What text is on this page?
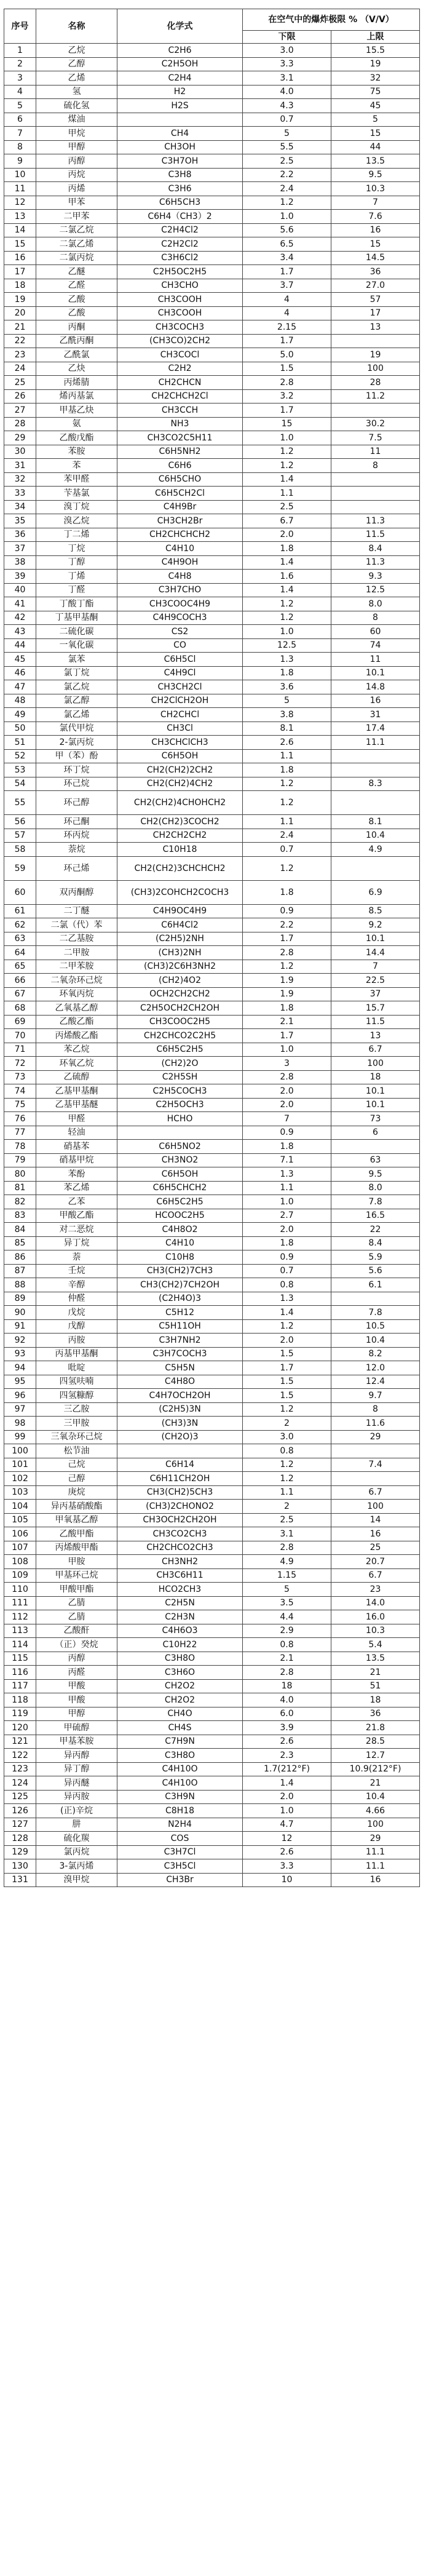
序号	名称	化学式	在空气中的爆炸极限 % （V/V）	
			下限	上限
1	乙烷	C2H6	3.0	15.5
2	乙醇	C2H5OH	3.3	19
3	乙烯	C2H4	3.1	32
4	氢	H2	4.0	75
5	硫化氢	H2S	4.3	45
6	煤油		0.7	5
7	甲烷	CH4	5	15
8	甲醇	CH3OH	5.5	44
9	丙醇	C3H7OH	2.5	13.5
10	丙烷	C3H8	2.2	9.5
11	丙烯	C3H6	2.4	10.3
12	甲苯	C6H5CH3	1.2	7
13	二甲苯	C6H4（CH3）2	1.0	7.6
14	二氯乙烷	C2H4Cl2	5.6	16
15	二氯乙烯	C2H2Cl2	6.5	15
16	二氯丙烷	C3H6Cl2	3.4	14.5
17	乙醚	C2H5OC2H5	1.7	36
18	乙醛	CH3CHO	3.7	27.0
19	乙酸	CH3COOH	4	57
20	乙酸	CH3COOH	4	17
21	丙酮	CH3COCH3	2.15	13
22	乙酰丙酮	(CH3CO)2CH2	1.7	
23	乙酰氯	CH3COCl	5.0	19
24	乙炔	C2H2	1.5	100
25	丙烯腈	CH2CHCN	2.8	28
26	烯丙基氯	CH2CHCH2Cl	3.2	11.2
27	甲基乙炔	CH3CCH	1.7	
28	氨	NH3	15	30.2
29	乙酸戊酯	CH3CO2C5H11	1.0	7.5
30	苯胺	C6H5NH2	1.2	11
31	苯	C6H6	1.2	8
32	苯甲醛	C6H5CHO	1.4	
33	苄基氯	C6H5CH2Cl	1.1	
34	溴丁烷	C4H9Br	2.5	
35	溴乙烷	CH3CH2Br	6.7	11.3
36	丁二烯	CH2CHCHCH2	2.0	11.5
37	丁烷	C4H10	1.8	8.4
38	丁醇	C4H9OH	1.4	11.3
39	丁烯	C4H8	1.6	9.3
40	丁醛	C3H7CHO	1.4	12.5
41	丁酸丁酯	CH3COOC4H9	1.2	8.0
42	丁基甲基酮	C4H9COCH3	1.2	8
43	二硫化碳	CS2	1.0	60
44	一氧化碳	CO	12.5	74
45	氯苯	C6H5Cl	1.3	11
46	氯丁烷	C4H9Cl	1.8	10.1
47	氯乙烷	CH3CH2Cl	3.6	14.8
48	氯乙醇	CH2ClCH2OH	5	16
49	氯乙烯	CH2CHCl	3.8	31
50	氯代甲烷	CH3Cl	8.1	17.4
51	2-氯丙烷	CH3CHClCH3	2.6	11.1
52	甲（苯）酚	C6H5OH	1.1	
53	环丁烷	CH2(CH2)2CH2	1.8	
54	环己烷	CH2(CH2)4CH2	1.2	8.3
55	环己醇	CH2(CH2)4CHOHCH2	1.2	
56	环己酮	CH2(CH2)3COCH2	1.1	8.1
57	环丙烷	CH2CH2CH2	2.4	10.4
58	萘烷	C10H18	0.7	4.9
59	环己烯	CH2(CH2)3CHCHCH2	1.2	
60	双丙酮醇	(CH3)2COHCH2COCH3	1.8	6.9
61	二丁醚	C4H9OC4H9	0.9	8.5
62	二氯（代）苯	C6H4Cl2	2.2	9.2
63	二乙基胺	(C2H5)2NH	1.7	10.1
64	二甲胺	(CH3)2NH	2.8	14.4
65	二甲苯胺	(CH3)2C6H3NH2	1.2	7
66	二氧杂环己烷	(CH2)4O2	1.9	22.5
67	环氧丙烷	OCH2CH2CH2	1.9	37
68	乙氧基乙醇	C2H5OCH2CH2OH	1.8	15.7
69	乙酸乙酯	CH3COOC2H5	2.1	11.5
70	丙烯酸乙酯	CH2CHCO2C2H5	1.7	13
71	苯乙烷	C6H5C2H5	1.0	6.7
72	环氧乙烷	(CH2)2O	3	100
73	乙硫醇	C2H5SH	2.8	18
74	乙基甲基酮	C2H5COCH3	2.0	10.1
75	乙基甲基醚	C2H5OCH3	2.0	10.1
76	甲醛	HCHO	7	73
77	轻油		0.9	6
78	硝基苯	C6H5NO2	1.8	
79	硝基甲烷	CH3NO2	7.1	63
80	苯酚	C6H5OH	1.3	9.5
81	苯乙烯	C6H5CHCH2	1.1	8.0
82	乙苯	C6H5C2H5	1.0	7.8
83	甲酸乙酯	HCOOC2H5	2.7	16.5
84	对二恶烷	C4H8O2	2.0	22
85	异丁烷	C4H10	1.8	8.4
86	萘	C10H8	0.9	5.9
87	壬烷	CH3(CH2)7CH3	0.7	5.6
88	辛醇	CH3(CH2)7CH2OH	0.8	6.1
89	仲醛	(C2H4O)3	1.3	
90	戊烷	C5H12	1.4	7.8
91	戊醇	C5H11OH	1.2	10.5
92	丙胺	C3H7NH2	2.0	10.4
93	丙基甲基酮	C3H7COCH3	1.5	8.2
94	吡啶	C5H5N	1.7	12.0
95	四氢呋喃	C4H8O	1.5	12.4
96	四氢糠醇	C4H7OCH2OH	1.5	9.7
97	三乙胺	(C2H5)3N	1.2	8
98	三甲胺	(CH3)3N	2	11.6
99	三氧杂环己烷	(CH2O)3	3.0	29
100	松节油		0.8	
101	己烷	C6H14	1.2	7.4
102	己醇	C6H11CH2OH	1.2	
103	庚烷	CH3(CH2)5CH3	1.1	6.7
104	异丙基硝酸酯	(CH3)2CHONO2	2	100
105	甲氧基乙醇	CH3OCH2CH2OH	2.5	14
106	乙酸甲酯	CH3CO2CH3	3.1	16
107	丙烯酸甲酯	CH2CHCO2CH3	2.8	25
108	甲胺	CH3NH2	4.9	20.7
109	甲基环己烷	CH3C6H11	1.15	6.7
110	甲酸甲酯	HCO2CH3	5	23
111	乙腈	C2H5N	3.5	14.0
112	乙腈	C2H3N	4.4	16.0
113	乙酸酐	C4H6O3	2.9	10.3
114	（正）癸烷	C10H22	0.8	5.4
115	丙醇	C3H8O	2.1	13.5
116	丙醛	C3H6O	2.8	21
117	甲酸	CH2O2	18	51
118	甲酸	CH2O2	4.0	18
119	甲醇	CH4O	6.0	36
120	甲硫醇	CH4S	3.9	21.8
121	甲基苯胺	C7H9N	2.6	28.5
122	异丙醇	C3H8O	2.3	12.7
123	异丁醇	C4H10O	1.7(212°F)	10.9(212°F)
124	异丙醚	C4H10O	1.4	21
125	异丙胺	C3H9N	2.0	10.4
126	(正)辛烷	C8H18	1.0	4.66
127	肼	N2H4	4.7	100
128	硫化羰	COS	12	29
129	氯丙烷	C3H7Cl	2.6	11.1
130	3-氯丙烯	C3H5Cl	3.3	11.1
131	溴甲烷	CH3Br	10	16
